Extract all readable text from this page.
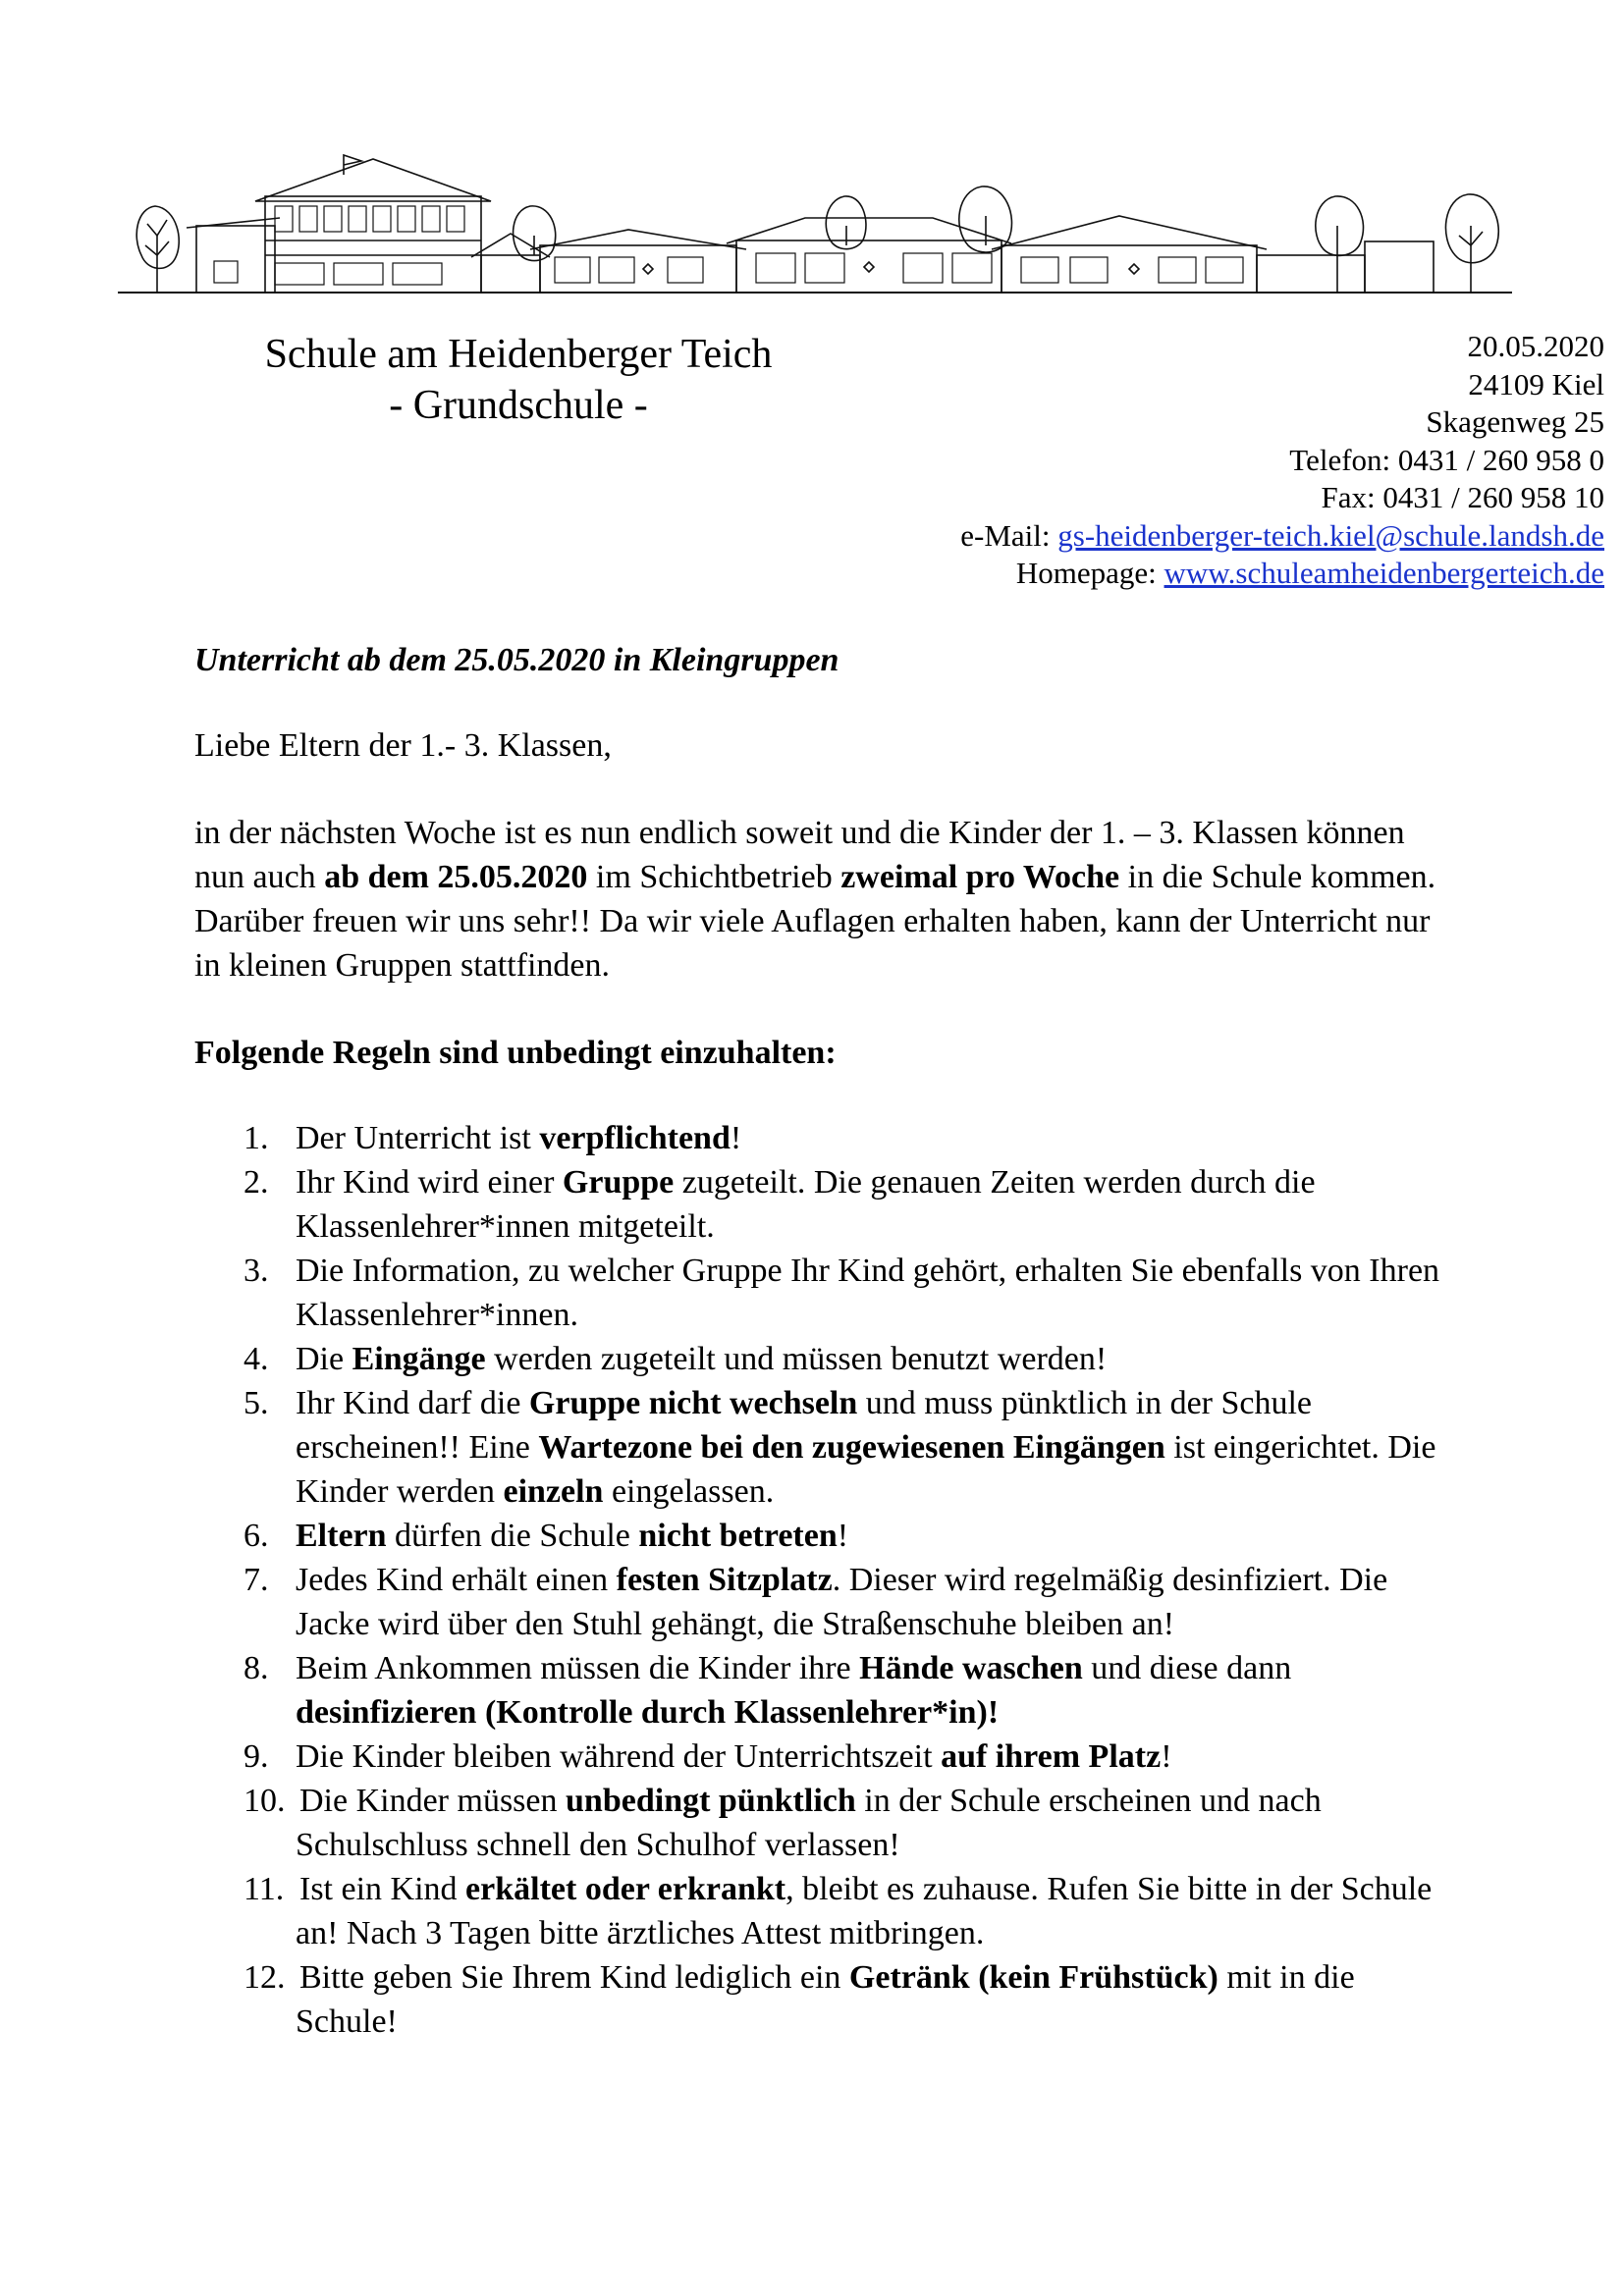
Schule am Heidenberger Teich
- Grundschule -
20.05.2020
24109 Kiel
Skagenweg 25
Telefon: 0431 / 260 958 0
Fax: 0431 / 260 958 10
e-Mail: gs-heidenberger-teich.kiel@schule.landsh.de
Homepage: www.schuleamheidenbergerteich.de
Unterricht ab dem 25.05.2020 in Kleingruppen
Liebe Eltern der 1.- 3. Klassen,
in der nächsten Woche ist es nun endlich soweit und die Kinder der 1. – 3. Klassen können nun auch ab dem 25.05.2020 im Schichtbetrieb zweimal pro Woche in die Schule kommen. Darüber freuen wir uns sehr!! Da wir viele Auflagen erhalten haben, kann der Unterricht nur in kleinen Gruppen stattfinden.
Folgende Regeln sind unbedingt einzuhalten:
1. Der Unterricht ist verpflichtend!
2. Ihr Kind wird einer Gruppe zugeteilt. Die genauen Zeiten werden durch die Klassenlehrer*innen mitgeteilt.
3. Die Information, zu welcher Gruppe Ihr Kind gehört, erhalten Sie ebenfalls von Ihren Klassenlehrer*innen.
4. Die Eingänge werden zugeteilt und müssen benutzt werden!
5. Ihr Kind darf die Gruppe nicht wechseln und muss pünktlich in der Schule erscheinen!! Eine Wartezone bei den zugewiesenen Eingängen ist eingerichtet. Die Kinder werden einzeln eingelassen.
6. Eltern dürfen die Schule nicht betreten!
7. Jedes Kind erhält einen festen Sitzplatz. Dieser wird regelmäßig desinfiziert. Die Jacke wird über den Stuhl gehängt, die Straßenschuhe bleiben an!
8. Beim Ankommen müssen die Kinder ihre Hände waschen und diese dann desinfizieren (Kontrolle durch Klassenlehrer*in)!
9. Die Kinder bleiben während der Unterrichtszeit auf ihrem Platz!
10. Die Kinder müssen unbedingt pünktlich in der Schule erscheinen und nach Schulschluss schnell den Schulhof verlassen!
11. Ist ein Kind erkältet oder erkrankt, bleibt es zuhause. Rufen Sie bitte in der Schule an! Nach 3 Tagen bitte ärztliches Attest mitbringen.
12. Bitte geben Sie Ihrem Kind lediglich ein Getränk (kein Frühstück) mit in die Schule!
